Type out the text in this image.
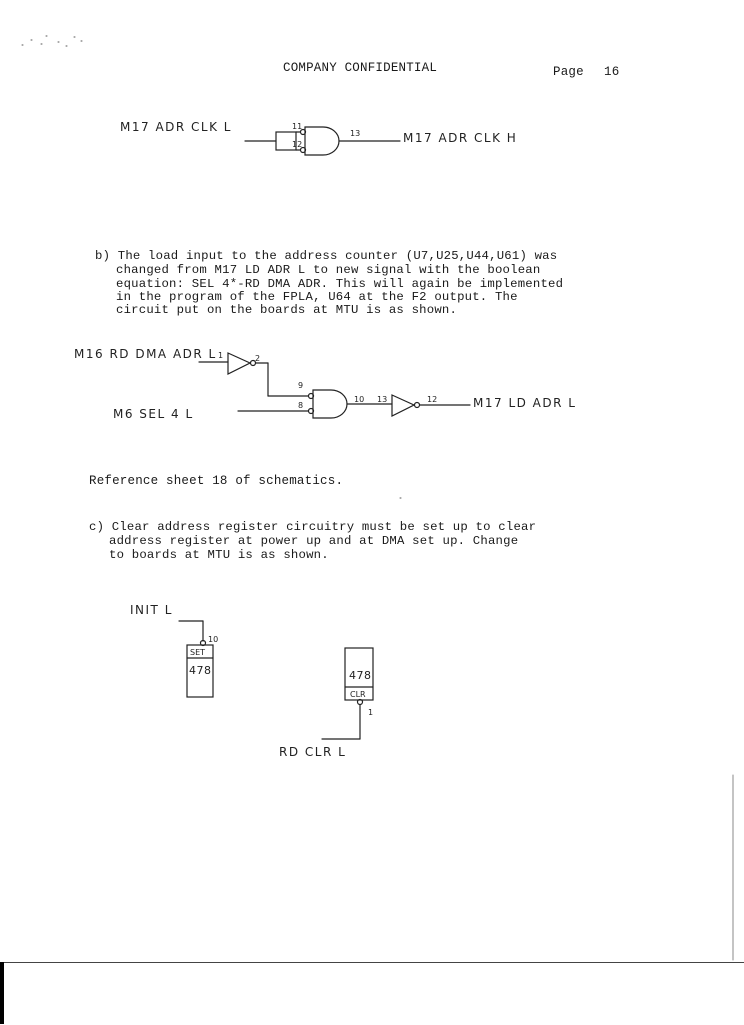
COMPANY CONFIDENTIAL	Page 16
M17 ADR CLK L
M17 ADR CLK H
11
12
13
b) The load input to the address counter (U7,U25,U44,U61) was
changed from M17 LD ADR L to new signal with the boolean
equation: SEL 4*-RD DMA ADR. This will again be implemented
in the program of the FPLA, U64 at the F2 output. The
circuit put on the boards at MTU is as shown.
M16 RD DMA ADR L
M6 SEL 4 L
M17 LD ADR L
1	2
9
8
10 13	12
Reference sheet 18 of schematics.
c) Clear address register circuitry must be set up to clear
address register at power up and at DMA set up. Change
to boards at MTU is as shown.
INIT L
10
SET
478	478
CLR
1
RD CLR L
